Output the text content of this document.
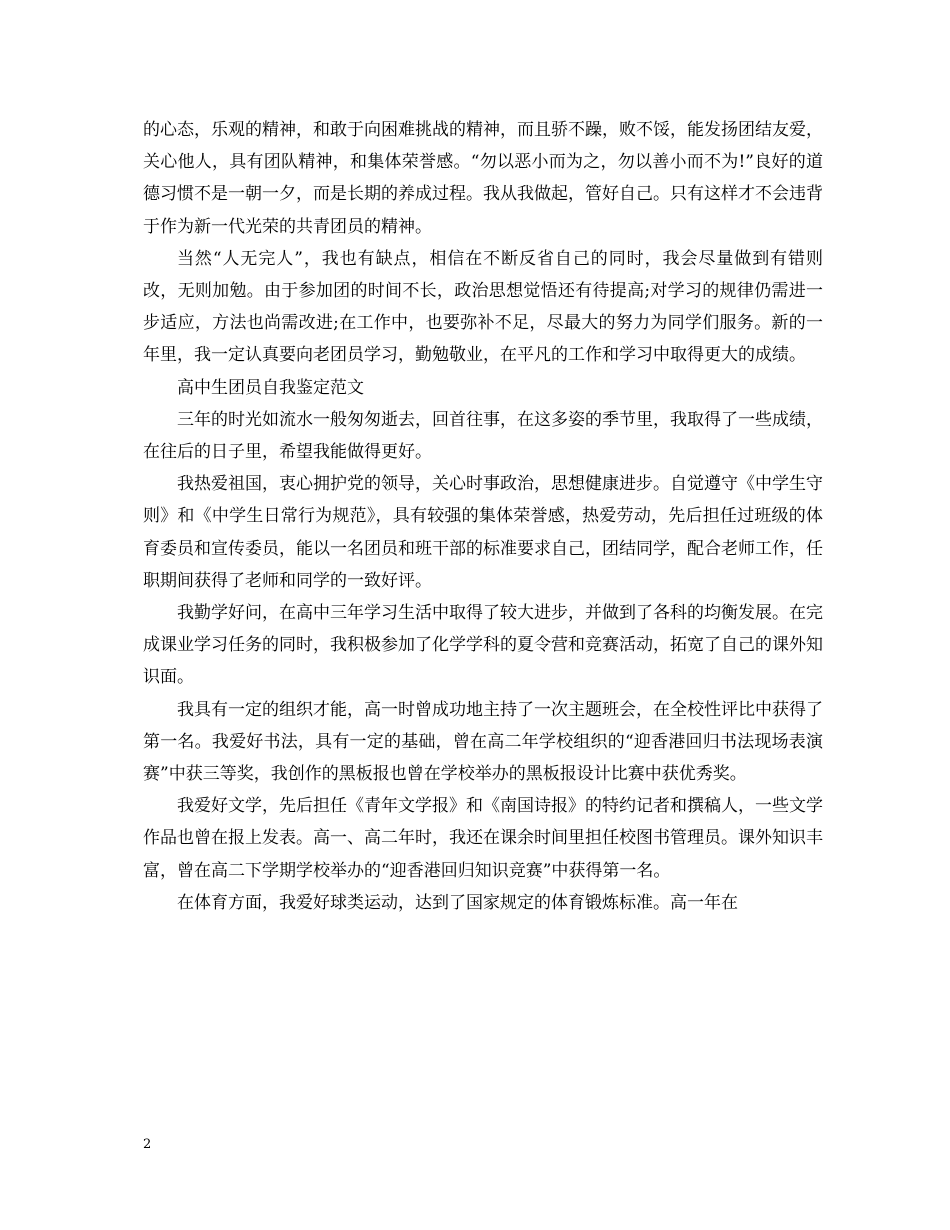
的心态，乐观的精神，和敢于向困难挑战的精神，而且骄不躁，败不馁，能发扬团结友爱，关心他人，具有团队精神，和集体荣誉感。“勿以恶小而为之，勿以善小而不为!”良好的道德习惯不是一朝一夕，而是长期的养成过程。我从我做起，管好自己。只有这样才不会违背于作为新一代光荣的共青团员的精神。

当然“人无完人”，我也有缺点，相信在不断反省自己的同时，我会尽量做到有错则改，无则加勉。由于参加团的时间不长，政治思想觉悟还有待提高;对学习的规律仍需进一步适应，方法也尚需改进;在工作中，也要弥补不足，尽最大的努力为同学们服务。新的一年里，我一定认真要向老团员学习，勤勉敬业，在平凡的工作和学习中取得更大的成绩。

高中生团员自我鉴定范文

三年的时光如流水一般匆匆逝去，回首往事，在这多姿的季节里，我取得了一些成绩，在往后的日子里，希望我能做得更好。

我热爱祖国，衷心拥护党的领导，关心时事政治，思想健康进步。自觉遵守《中学生守则》和《中学生日常行为规范》，具有较强的集体荣誉感，热爱劳动，先后担任过班级的体育委员和宣传委员，能以一名团员和班干部的标准要求自己，团结同学，配合老师工作，任职期间获得了老师和同学的一致好评。

我勤学好问，在高中三年学习生活中取得了较大进步，并做到了各科的均衡发展。在完成课业学习任务的同时，我积极参加了化学学科的夏令营和竞赛活动，拓宽了自己的课外知识面。

我具有一定的组织才能，高一时曾成功地主持了一次主题班会，在全校性评比中获得了第一名。我爱好书法，具有一定的基础，曾在高二年学校组织的“迎香港回归书法现场表演赛”中获三等奖，我创作的黑板报也曾在学校举办的黑板报设计比赛中获优秀奖。

我爱好文学，先后担任《青年文学报》和《南国诗报》的特约记者和撰稿人，一些文学作品也曾在报上发表。高一、高二年时，我还在课余时间里担任校图书管理员。课外知识丰富，曾在高二下学期学校举办的“迎香港回归知识竞赛”中获得第一名。

在体育方面，我爱好球类运动，达到了国家规定的体育锻炼标准。高一年在

2
